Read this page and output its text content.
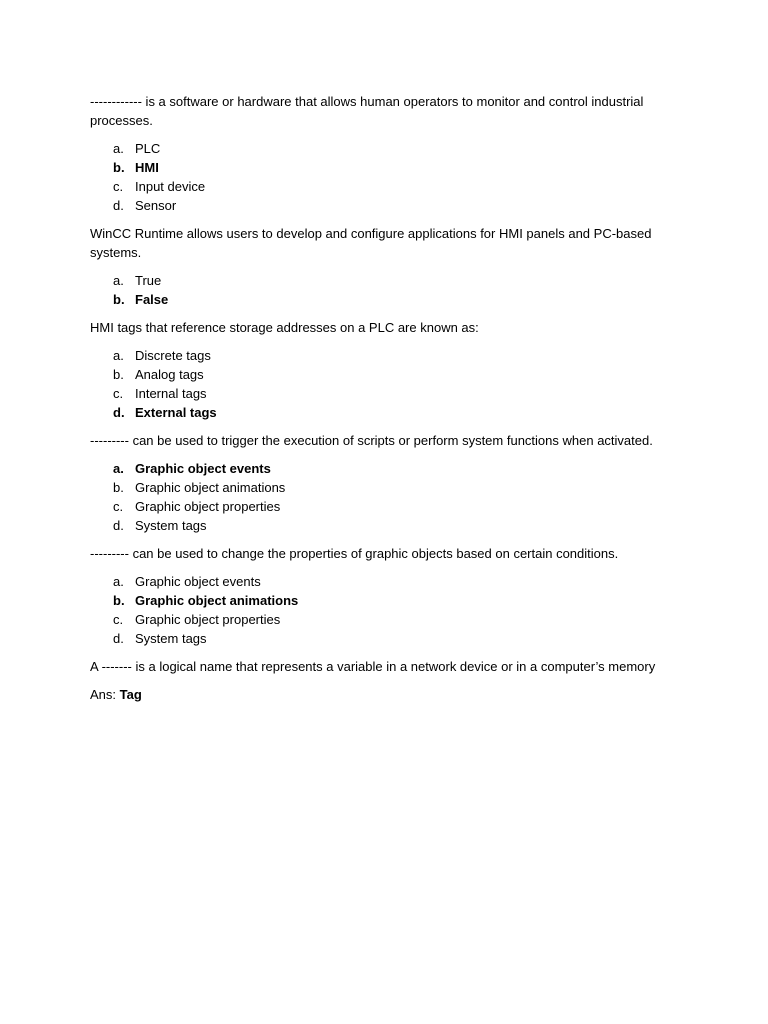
------------ is a software or hardware that allows human operators to monitor and control industrial processes.

a. PLC
b. HMI
c. Input device
d. Sensor

WinCC Runtime allows users to develop and configure applications for HMI panels and PC-based systems.

a. True
b. False

HMI tags that reference storage addresses on a PLC are known as:

a. Discrete tags
b. Analog tags
c. Internal tags
d. External tags

--------- can be used to trigger the execution of scripts or perform system functions when activated.

a. Graphic object events
b. Graphic object animations
c. Graphic object properties
d. System tags

--------- can be used to change the properties of graphic objects based on certain conditions.

a. Graphic object events
b. Graphic object animations
c. Graphic object properties
d. System tags

A ------- is a logical name that represents a variable in a network device or in a computer’s memory

Ans: Tag
